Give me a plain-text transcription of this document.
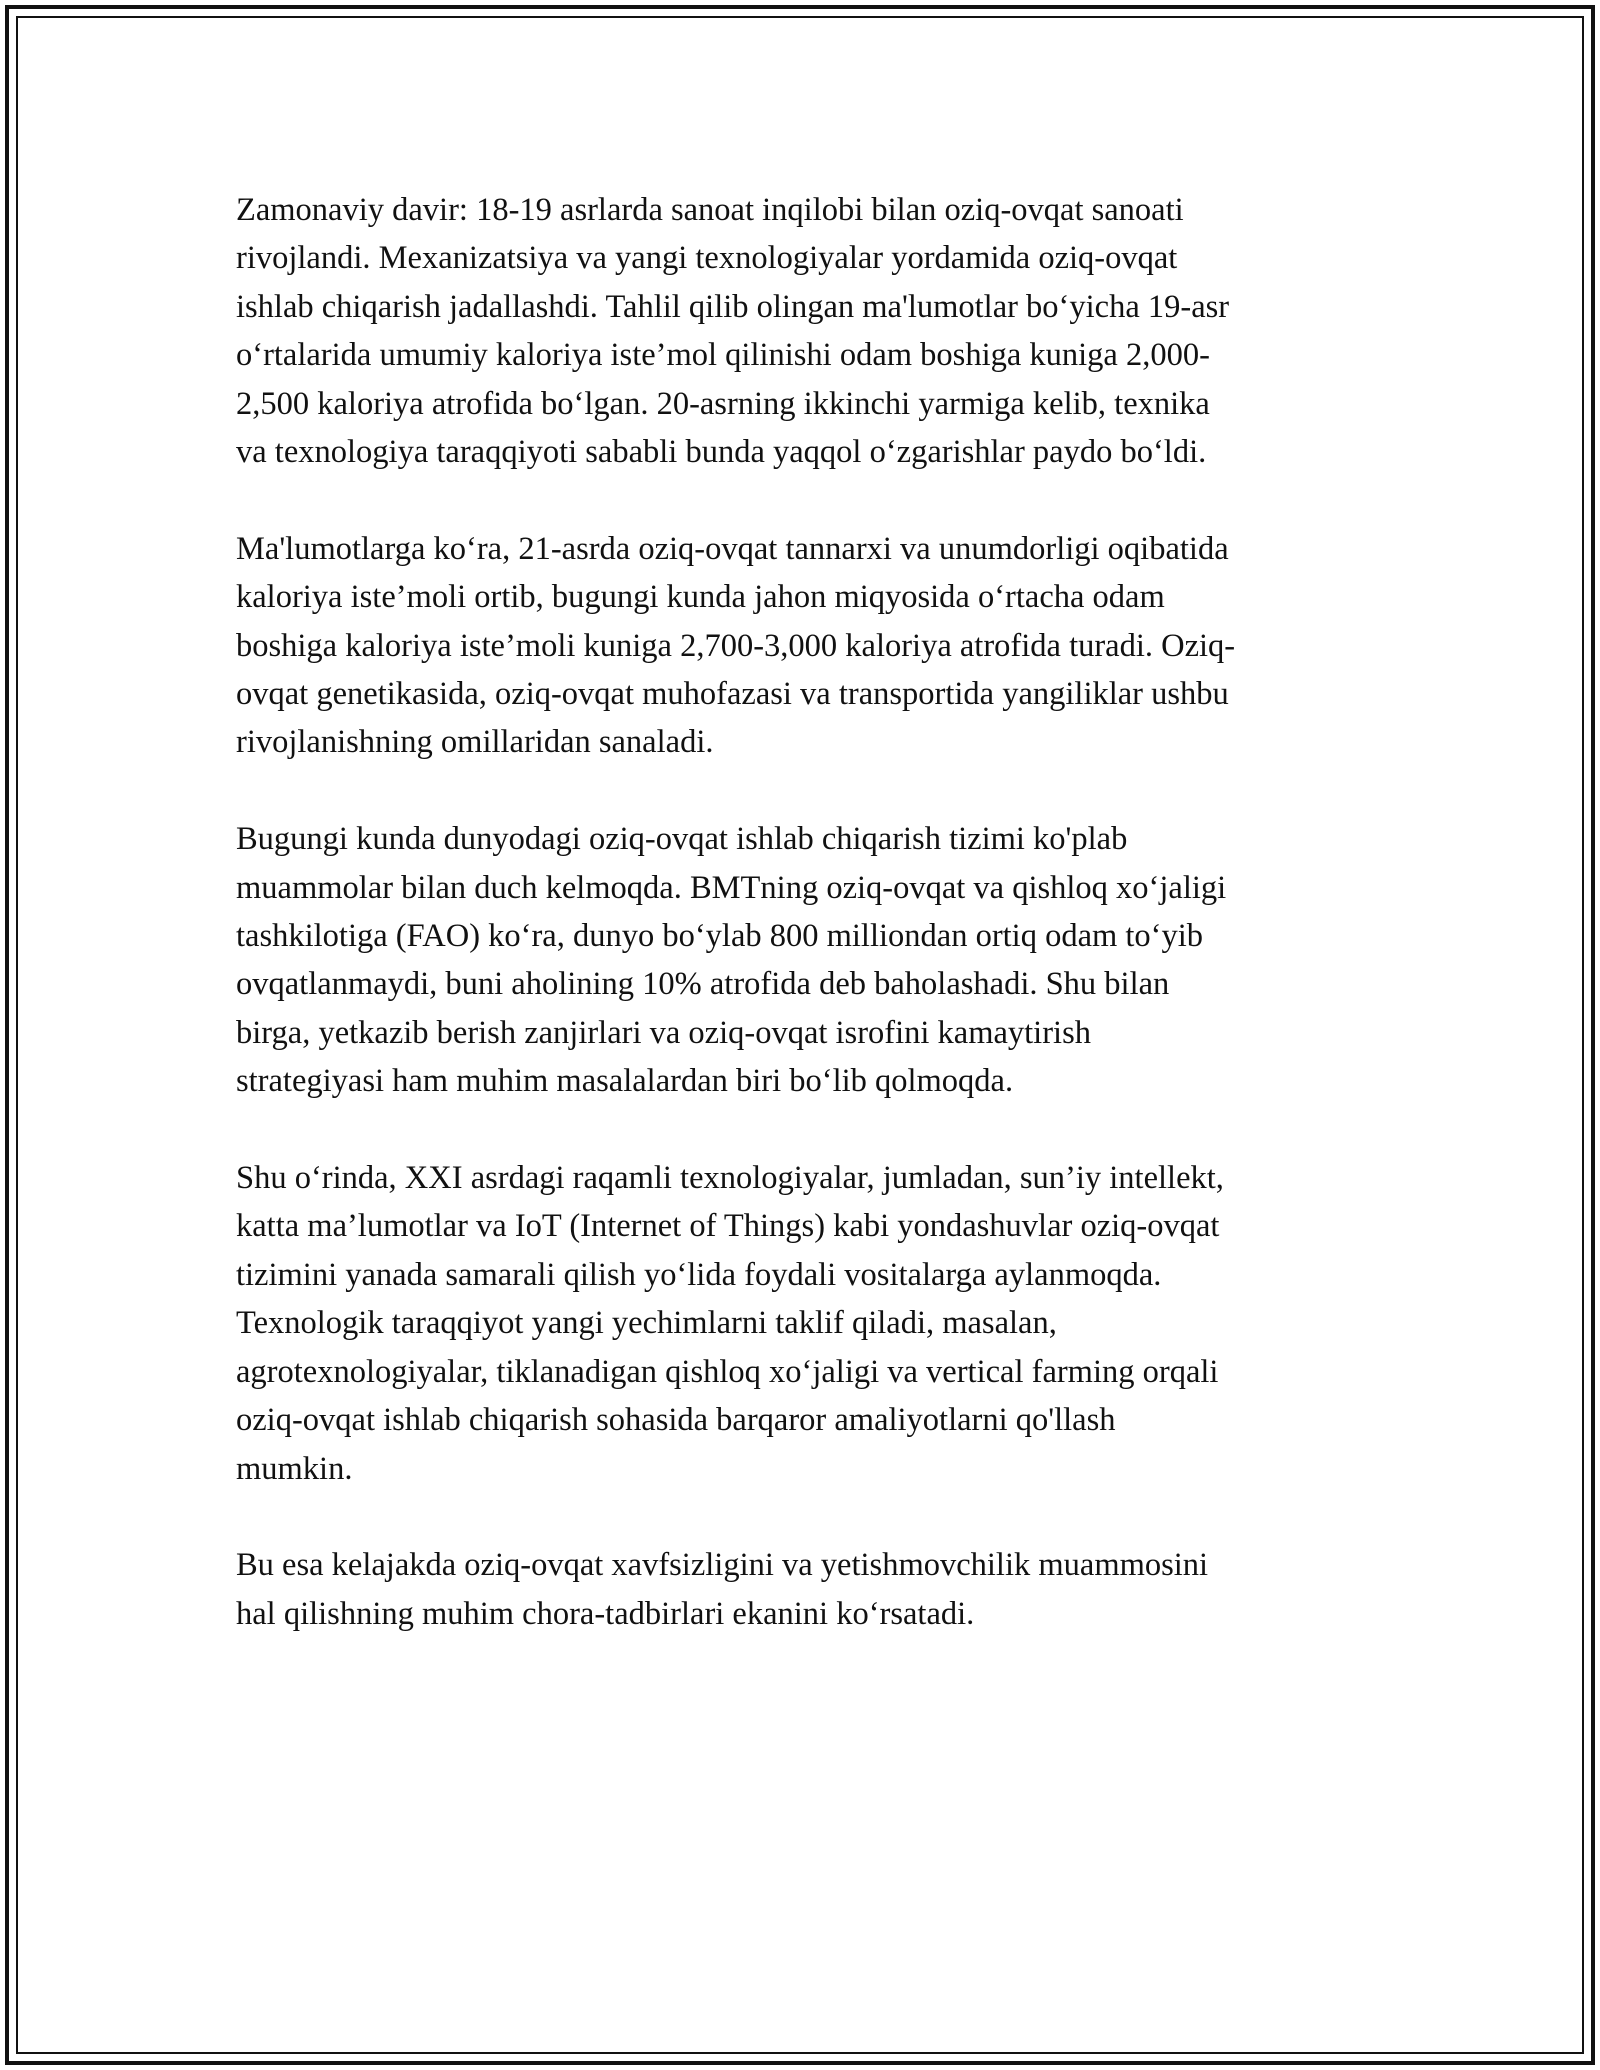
Zamonaviy davir: 18-19 asrlarda sanoat inqilobi bilan oziq-ovqat sanoati
rivojlandi. Mexanizatsiya va yangi texnologiyalar yordamida oziq-ovqat
ishlab chiqarish jadallashdi. Tahlil qilib olingan ma'lumotlar bo‘yicha 19-asr
o‘rtalarida umumiy kaloriya iste’mol qilinishi odam boshiga kuniga 2,000-
2,500 kaloriya atrofida bo‘lgan. 20-asrning ikkinchi yarmiga kelib, texnika
va texnologiya taraqqiyoti sababli bunda yaqqol o‘zgarishlar paydo bo‘ldi.

Ma'lumotlarga ko‘ra, 21-asrda oziq-ovqat tannarxi va unumdorligi oqibatida
kaloriya iste’moli ortib, bugungi kunda jahon miqyosida o‘rtacha odam
boshiga kaloriya iste’moli kuniga 2,700-3,000 kaloriya atrofida turadi. Oziq-
ovqat genetikasida, oziq-ovqat muhofazasi va transportida yangiliklar ushbu
rivojlanishning omillaridan sanaladi.

Bugungi kunda dunyodagi oziq-ovqat ishlab chiqarish tizimi ko'plab
muammolar bilan duch kelmoqda. BMTning oziq-ovqat va qishloq xo‘jaligi
tashkilotiga (FAO) ko‘ra, dunyo bo‘ylab 800 milliondan ortiq odam to‘yib
ovqatlanmaydi, buni aholining 10% atrofida deb baholashadi. Shu bilan
birga, yetkazib berish zanjirlari va oziq-ovqat isrofini kamaytirish
strategiyasi ham muhim masalalardan biri bo‘lib qolmoqda.

Shu o‘rinda, XXI asrdagi raqamli texnologiyalar, jumladan, sun’iy intellekt,
katta ma’lumotlar va IoT (Internet of Things) kabi yondashuvlar oziq-ovqat
tizimini yanada samarali qilish yo‘lida foydali vositalarga aylanmoqda.
Texnologik taraqqiyot yangi yechimlarni taklif qiladi, masalan,
agrotexnologiyalar, tiklanadigan qishloq xo‘jaligi va vertical farming orqali
oziq-ovqat ishlab chiqarish sohasida barqaror amaliyotlarni qo'llash
mumkin.

Bu esa kelajakda oziq-ovqat xavfsizligini va yetishmovchilik muammosini
hal qilishning muhim chora-tadbirlari ekanini ko‘rsatadi.
